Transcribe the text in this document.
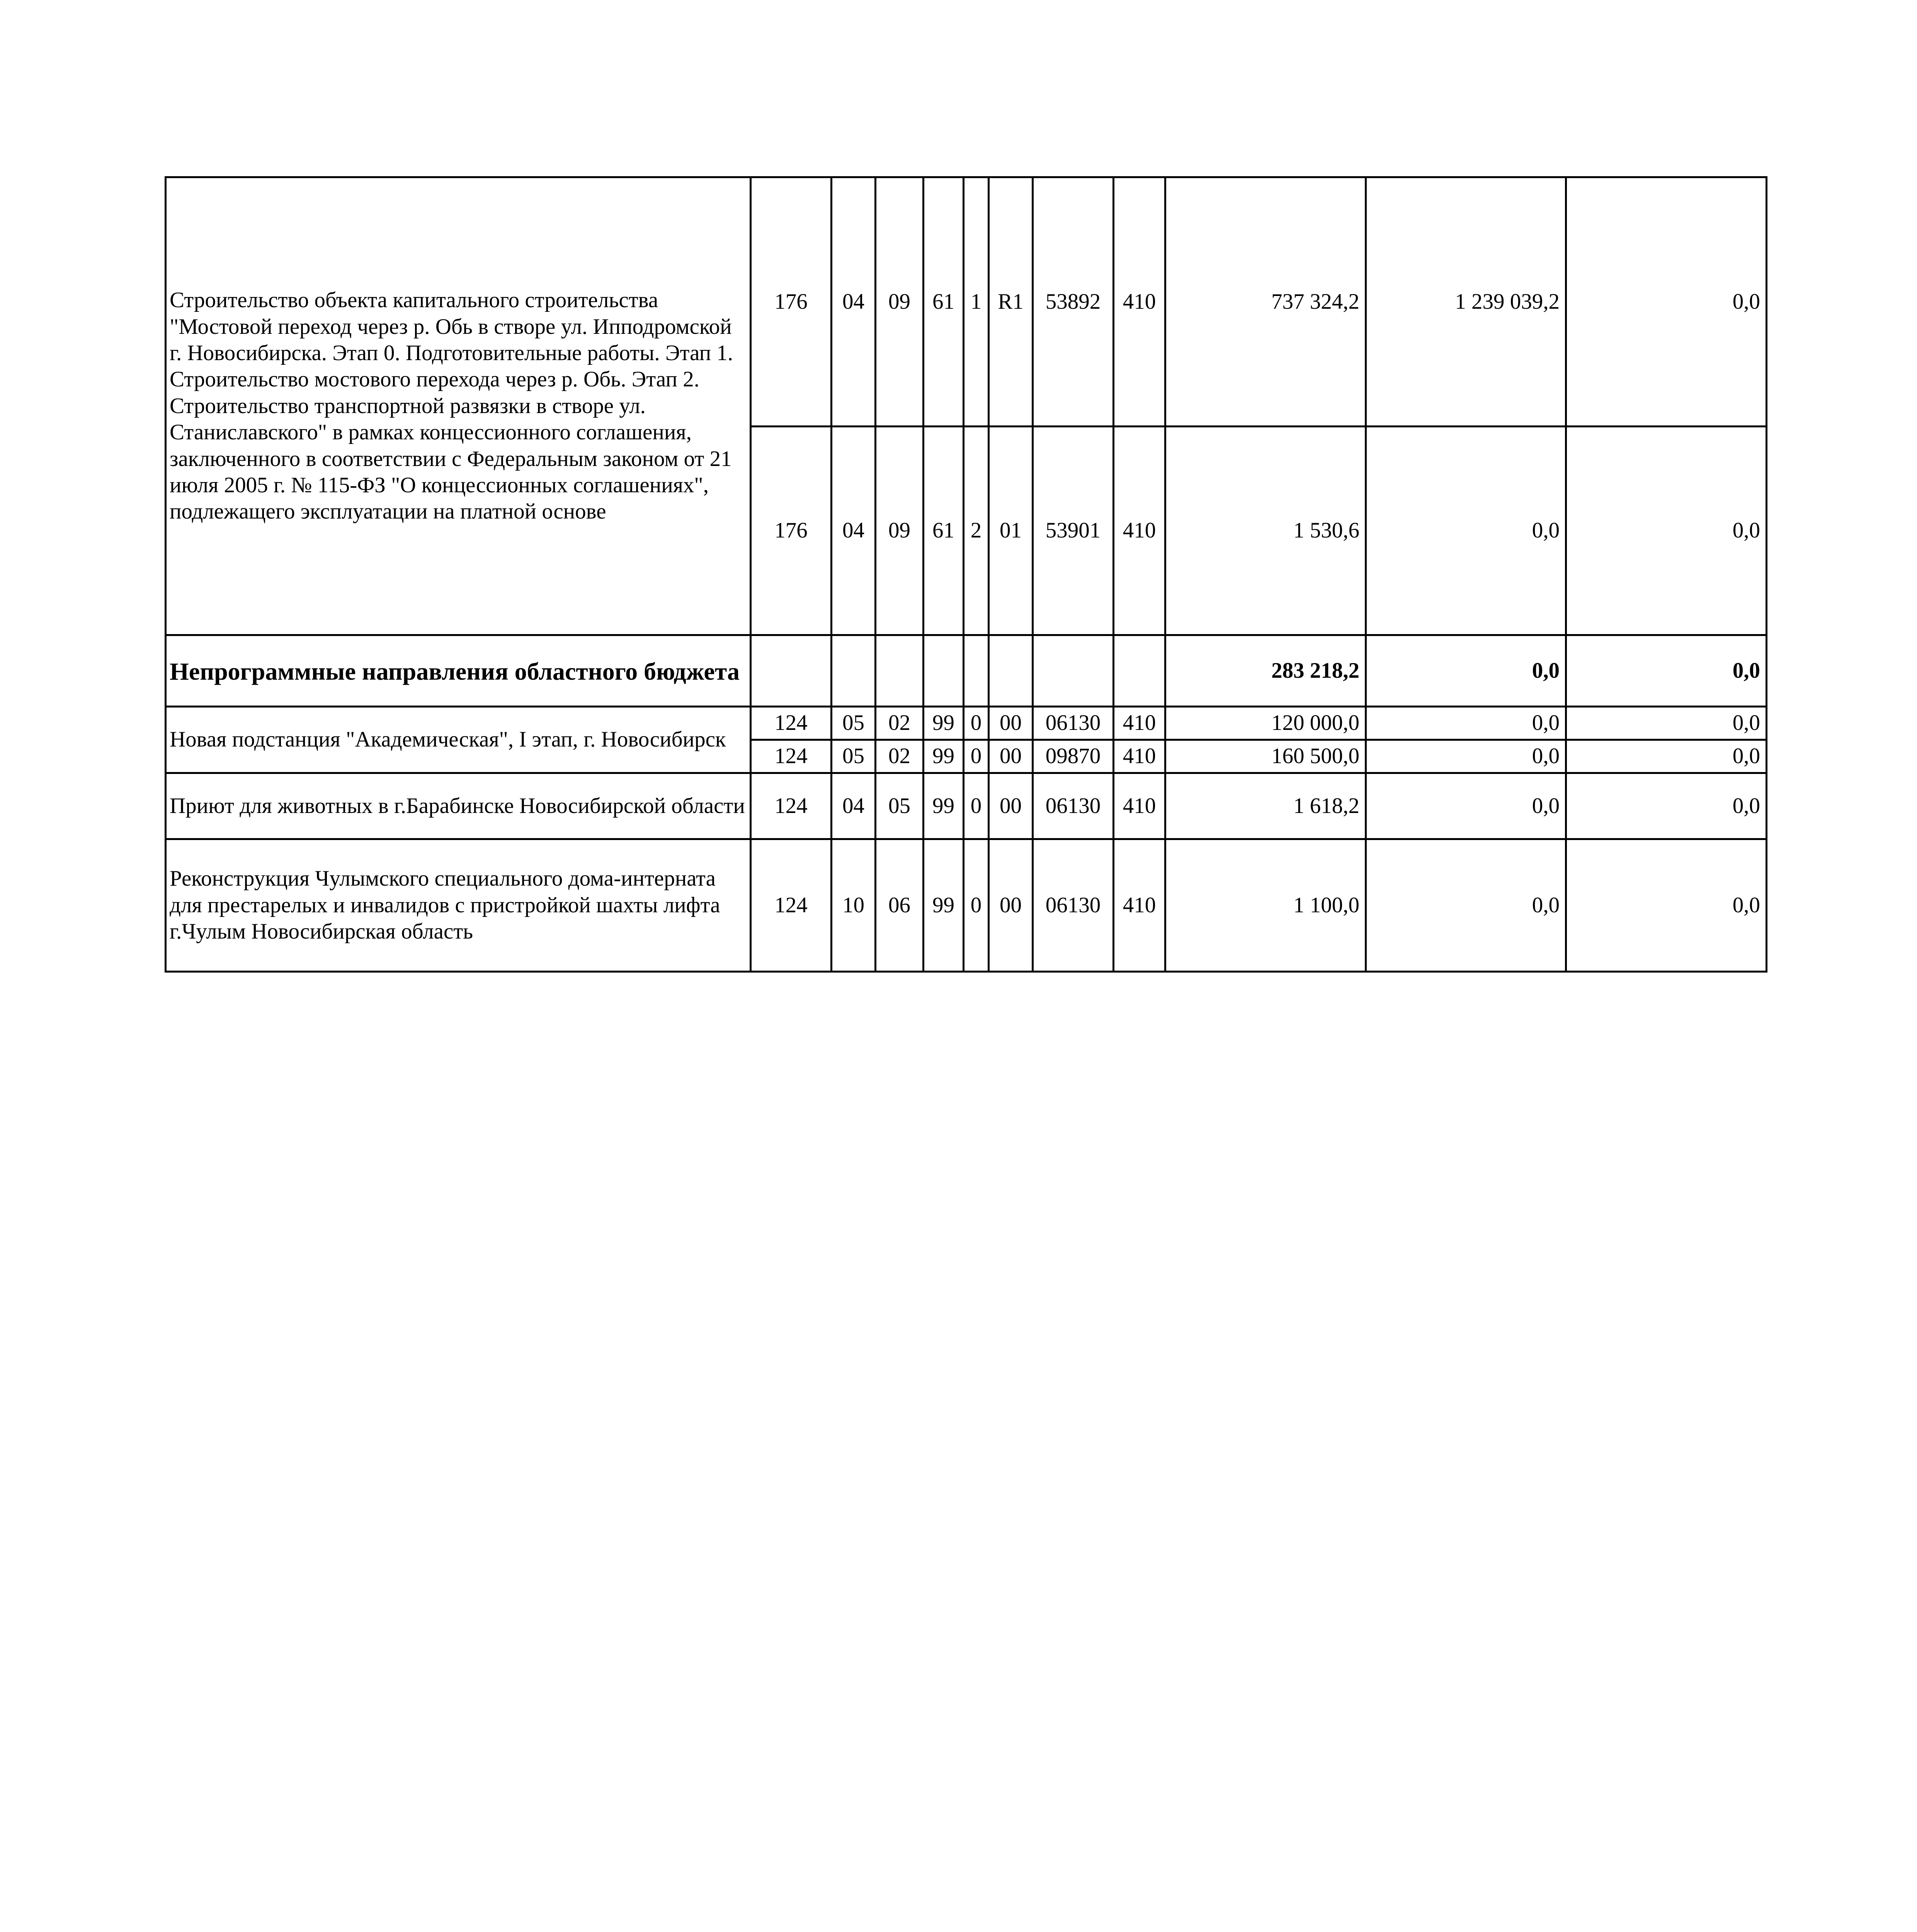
Строительство объекта капитального строительства "Мостовой переход через р. Обь в створе ул. Ипподромской г. Новосибирска. Этап 0. Подготовительные работы. Этап 1. Строительство мостового перехода через р. Обь. Этап 2. Строительство транспортной развязки в створе ул. Станиславского" в рамках концессионного соглашения, заключенного в соответствии с Федеральным законом от 21 июля 2005 г. № 115-ФЗ "О концессионных соглашениях", подлежащего эксплуатации на платной основе	176	04	09	61	1	R1	53892	410	737 324,2	1 239 039,2	0,0
	176	04	09	61	2	01	53901	410	1 530,6	0,0	0,0
Непрограммные направления областного бюджета									283 218,2	0,0	0,0
Новая подстанция "Академическая", I этап, г. Новосибирск	124	05	02	99	0	00	06130	410	120 000,0	0,0	0,0
	124	05	02	99	0	00	09870	410	160 500,0	0,0	0,0
Приют для животных в г.Барабинске Новосибирской области	124	04	05	99	0	00	06130	410	1 618,2	0,0	0,0
Реконструкция Чулымского специального дома-интерната для престарелых и инвалидов с пристройкой шахты лифта г.Чулым Новосибирская область	124	10	06	99	0	00	06130	410	1 100,0	0,0	0,0
